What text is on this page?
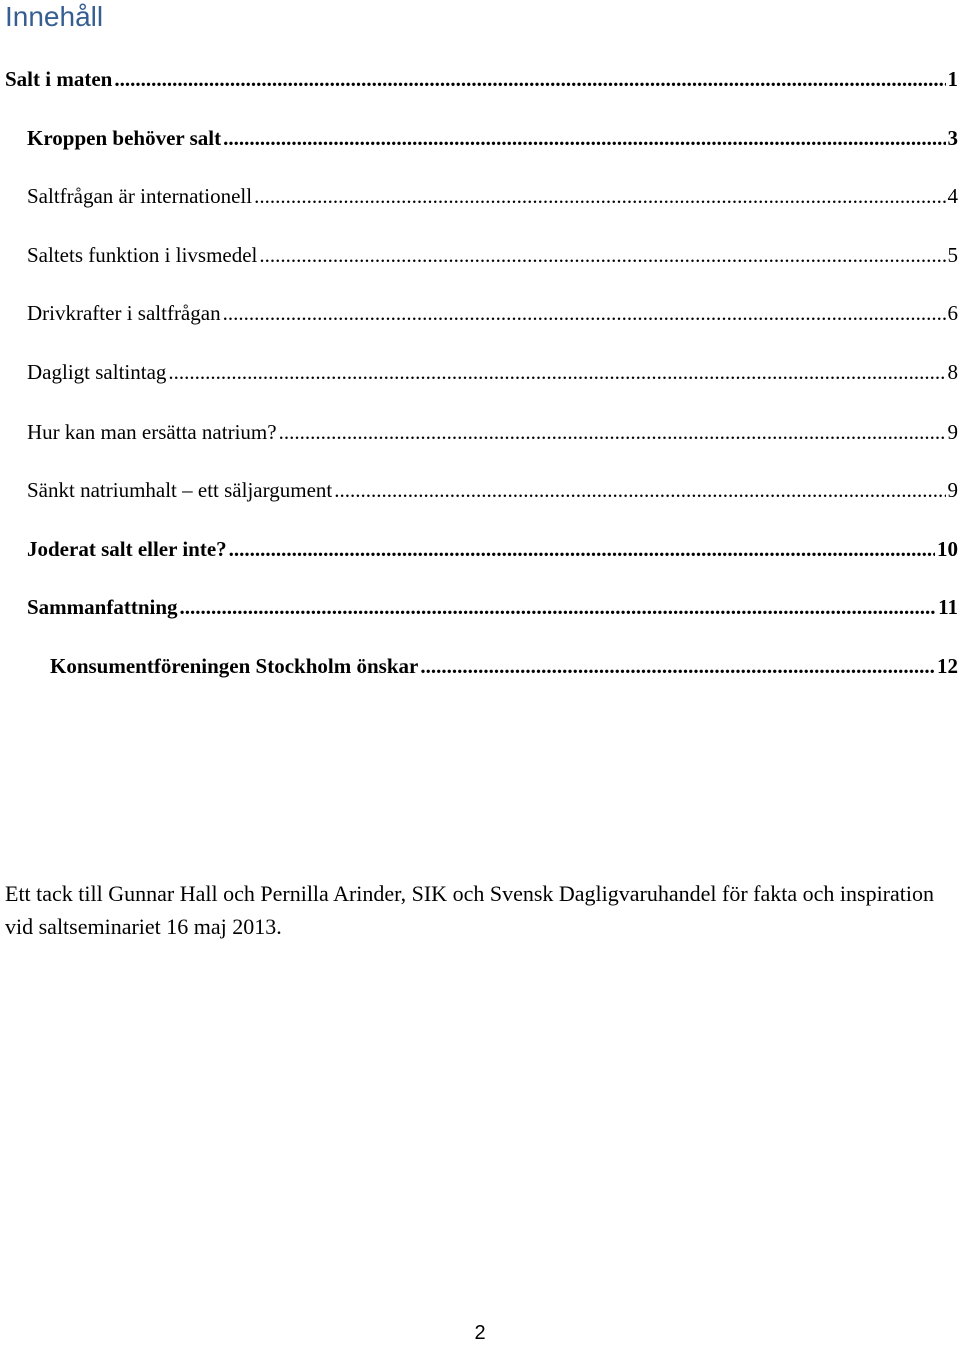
Innehåll
Salt i maten .....	1
Kroppen behöver salt .....	3
Saltfrågan är internationell .....	4
Saltets funktion i livsmedel .....	5
Drivkrafter i saltfrågan .....	6
Dagligt saltintag .....	8
Hur kan man ersätta natrium? .....	9
Sänkt natriumhalt – ett säljargument .....	9
Joderat salt eller inte? .....	10
Sammanfattning .....	11
Konsumentföreningen Stockholm önskar .....	12

Ett tack till Gunnar Hall och Pernilla Arinder, SIK och Svensk Dagligvaruhandel för fakta och inspiration vid saltseminariet 16 maj 2013.

2
